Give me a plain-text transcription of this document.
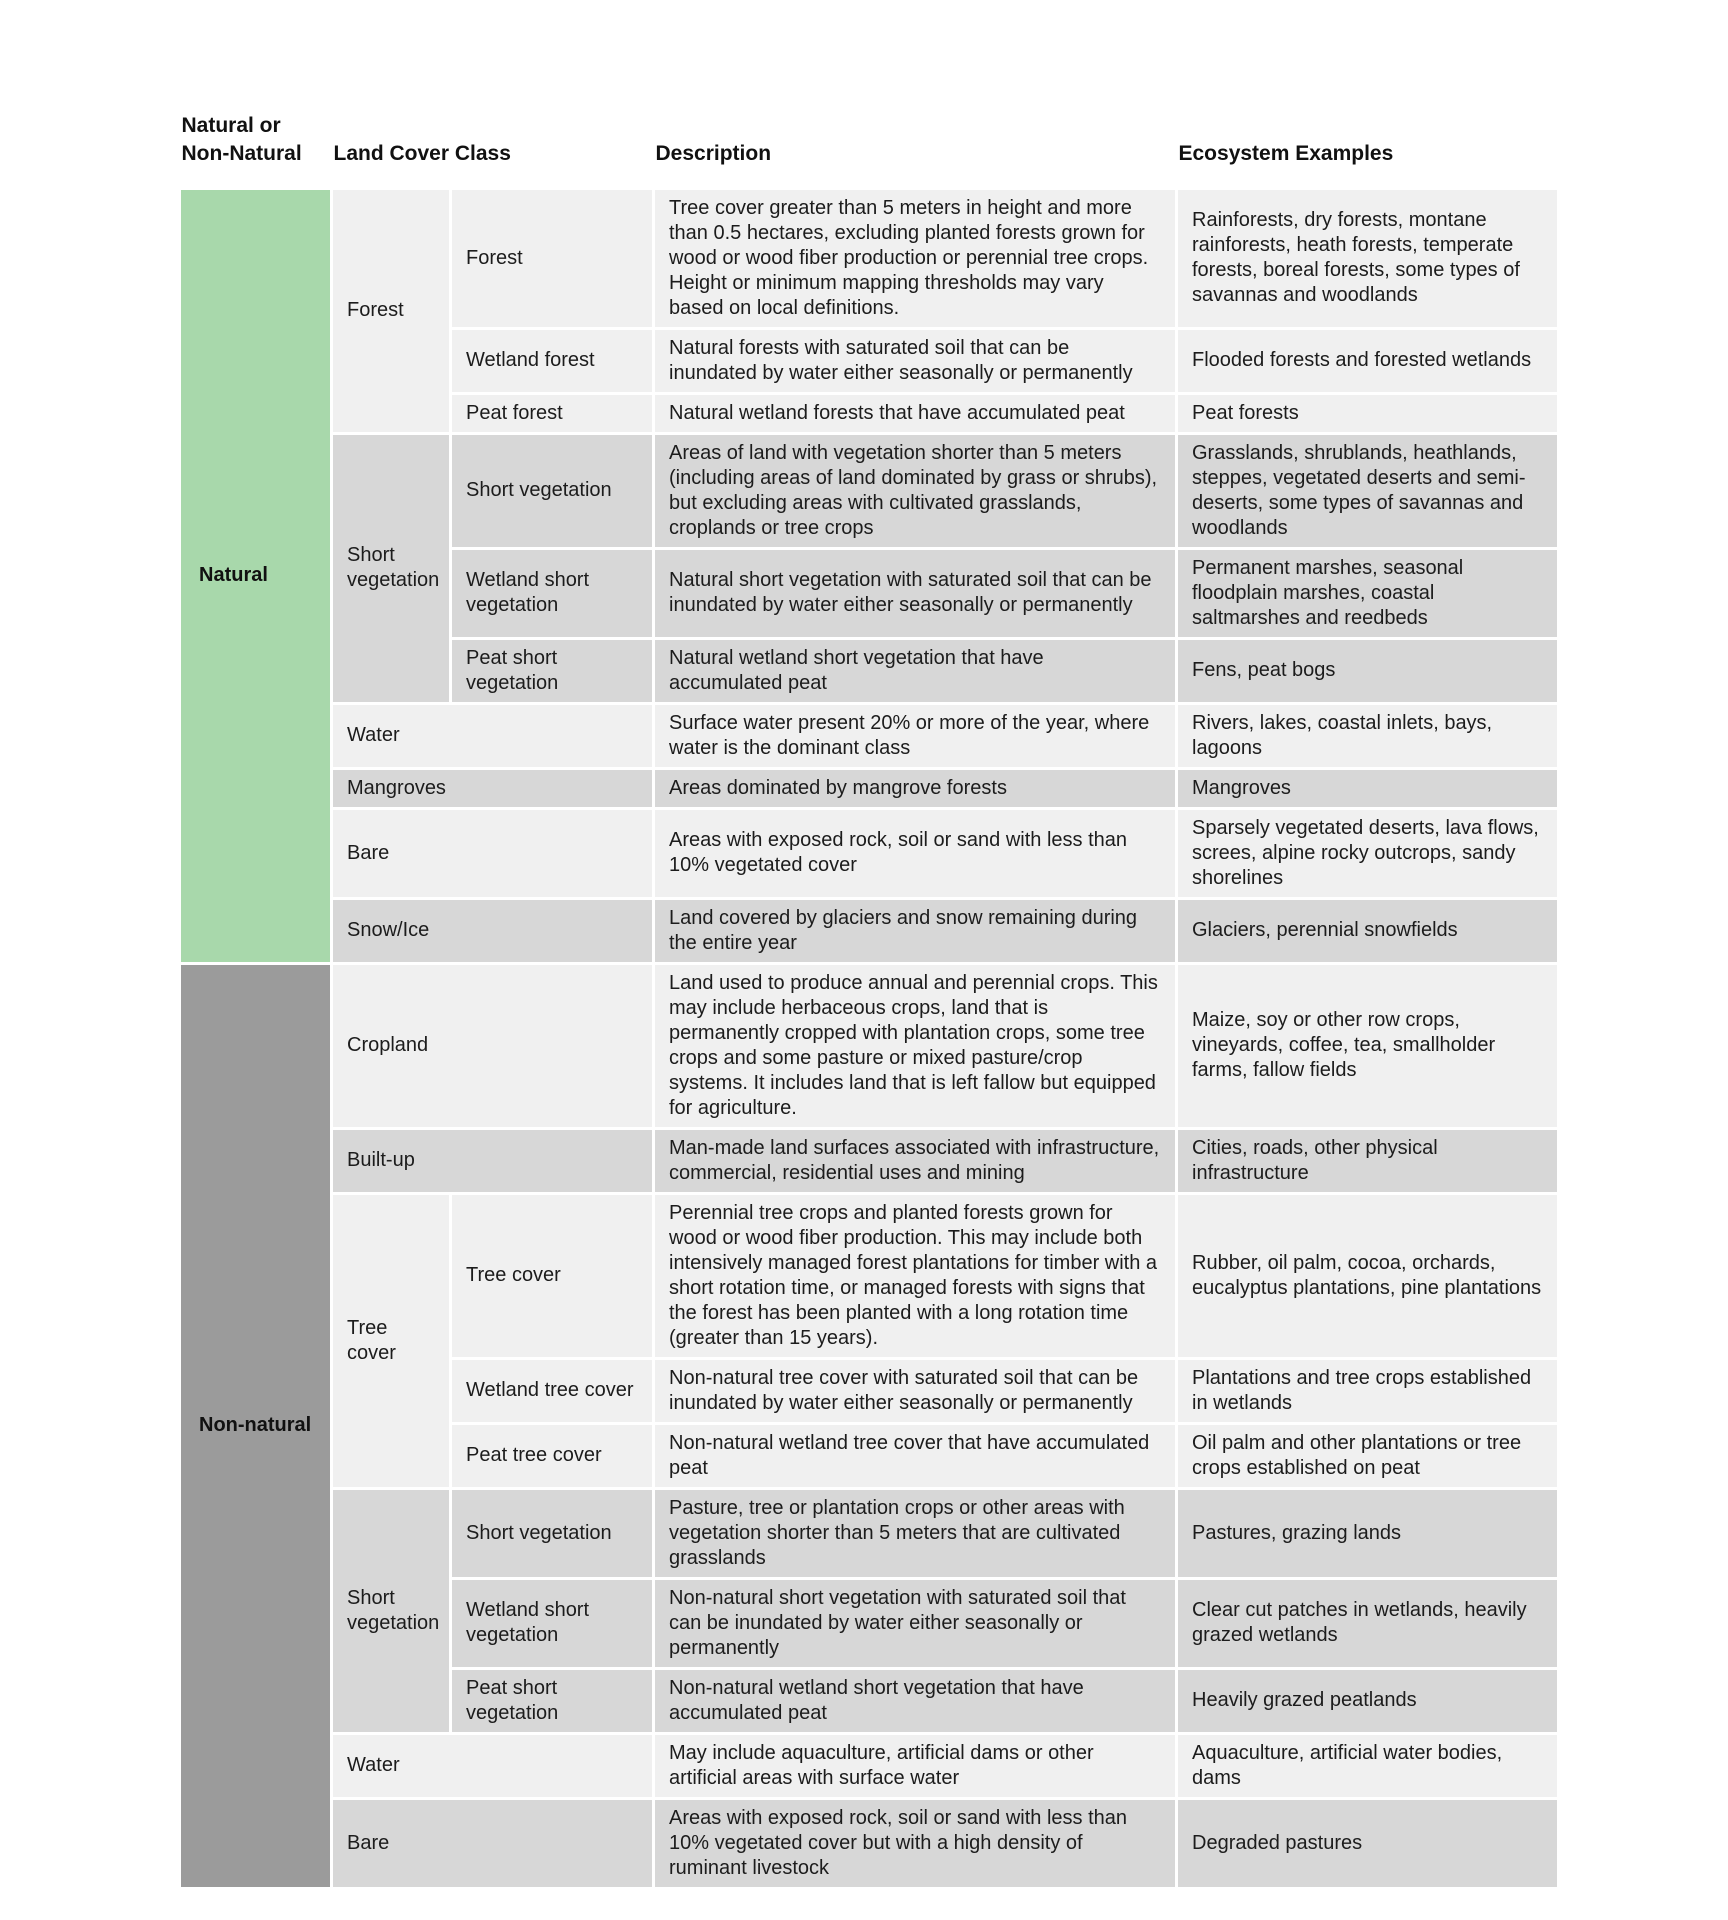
Natural or Non-Natural	Land Cover Class		Description	Ecosystem Examples
Natural	Forest	Forest	Tree cover greater than 5 meters in height and more than 0.5 hectares, excluding planted forests grown for wood or wood fiber production or perennial tree crops. Height or minimum mapping thresholds may vary based on local definitions.	Rainforests, dry forests, montane rainforests, heath forests, temperate forests, boreal forests, some types of savannas and woodlands
		Wetland forest	Natural forests with saturated soil that can be inundated by water either seasonally or permanently	Flooded forests and forested wetlands
		Peat forest	Natural wetland forests that have accumulated peat	Peat forests
	Short vegetation	Short vegetation	Areas of land with vegetation shorter than 5 meters (including areas of land dominated by grass or shrubs), but excluding areas with cultivated grasslands, croplands or tree crops	Grasslands, shrublands, heathlands, steppes, vegetated deserts and semi-deserts, some types of savannas and woodlands
		Wetland short vegetation	Natural short vegetation with saturated soil that can be inundated by water either seasonally or permanently	Permanent marshes, seasonal floodplain marshes, coastal saltmarshes and reedbeds
		Peat short vegetation	Natural wetland short vegetation that have accumulated peat	Fens, peat bogs
	Water		Surface water present 20% or more of the year, where water is the dominant class	Rivers, lakes, coastal inlets, bays, lagoons
	Mangroves		Areas dominated by mangrove forests	Mangroves
	Bare		Areas with exposed rock, soil or sand with less than 10% vegetated cover	Sparsely vegetated deserts, lava flows, screes, alpine rocky outcrops, sandy shorelines
	Snow/Ice		Land covered by glaciers and snow remaining during the entire year	Glaciers, perennial snowfields
Non-natural	Cropland		Land used to produce annual and perennial crops. This may include herbaceous crops, land that is permanently cropped with plantation crops, some tree crops and some pasture or mixed pasture/crop systems. It includes land that is left fallow but equipped for agriculture.	Maize, soy or other row crops, vineyards, coffee, tea, smallholder farms, fallow fields
	Built-up		Man-made land surfaces associated with infrastructure, commercial, residential uses and mining	Cities, roads, other physical infrastructure
	Tree cover	Tree cover	Perennial tree crops and planted forests grown for wood or wood fiber production. This may include both intensively managed forest plantations for timber with a short rotation time, or managed forests with signs that the forest has been planted with a long rotation time (greater than 15 years).	Rubber, oil palm, cocoa, orchards, eucalyptus plantations, pine plantations
		Wetland tree cover	Non-natural tree cover with saturated soil that can be inundated by water either seasonally or permanently	Plantations and tree crops established in wetlands
		Peat tree cover	Non-natural wetland tree cover that have accumulated peat	Oil palm and other plantations or tree crops established on peat
	Short vegetation	Short vegetation	Pasture, tree or plantation crops or other areas with vegetation shorter than 5 meters that are cultivated grasslands	Pastures, grazing lands
		Wetland short vegetation	Non-natural short vegetation with saturated soil that can be inundated by water either seasonally or permanently	Clear cut patches in wetlands, heavily grazed wetlands
		Peat short vegetation	Non-natural wetland short vegetation that have accumulated peat	Heavily grazed peatlands
	Water		May include aquaculture, artificial dams or other artificial areas with surface water	Aquaculture, artificial water bodies, dams
	Bare		Areas with exposed rock, soil or sand with less than 10% vegetated cover but with a high density of ruminant livestock	Degraded pastures
